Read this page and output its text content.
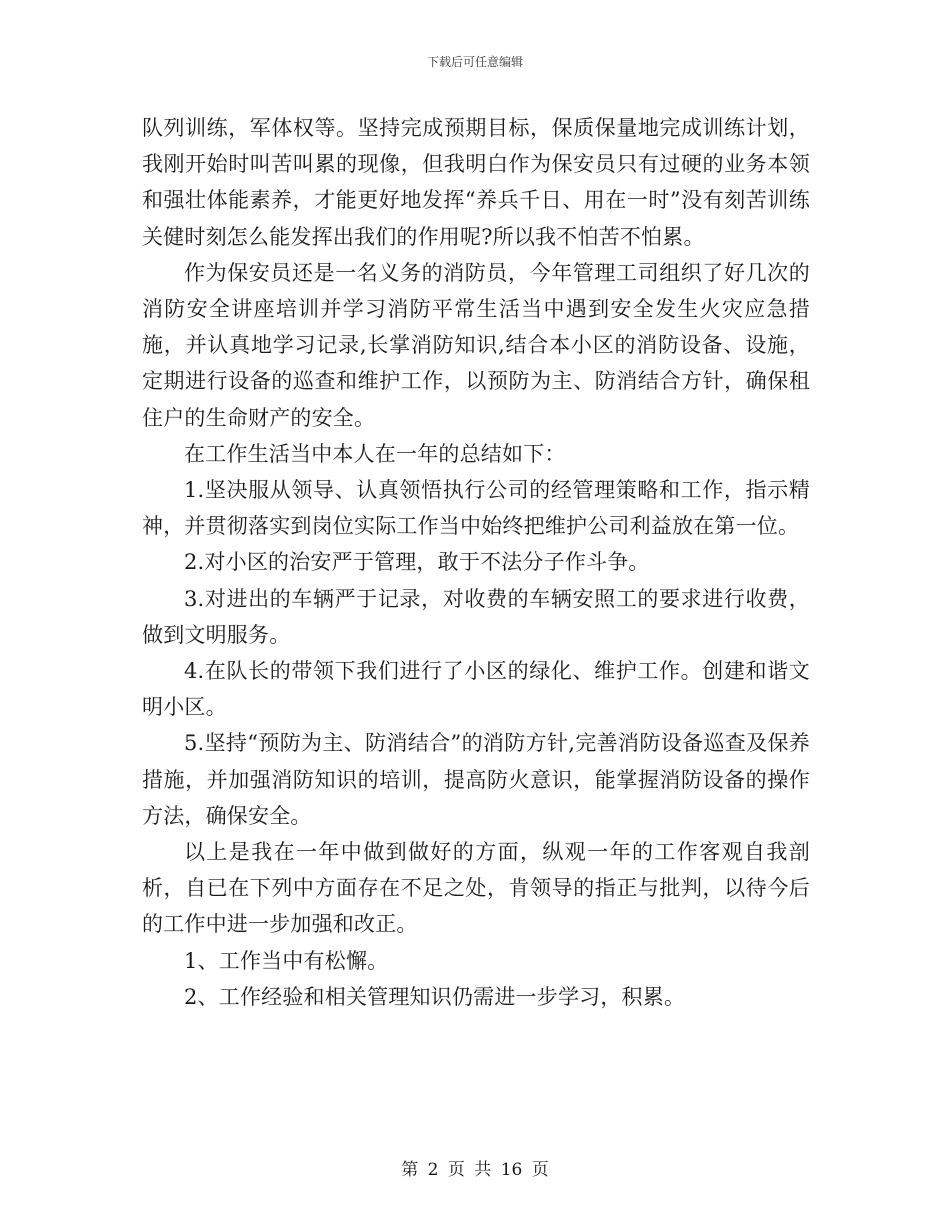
下载后可任意编辑

队列训练，军体权等。坚持完成预期目标，保质保量地完成训练计划，我刚开始时叫苦叫累的现像，但我明白作为保安员只有过硬的业务本领和强壮体能素养，才能更好地发挥“养兵千日、用在一时”没有刻苦训练关健时刻怎么能发挥出我们的作用呢?所以我不怕苦不怕累。

作为保安员还是一名义务的消防员，今年管理工司组织了好几次的消防安全讲座培训并学习消防平常生活当中遇到安全发生火灾应急措施，并认真地学习记录,长掌消防知识,结合本小区的消防设备、设施，定期进行设备的巡查和维护工作，以预防为主、防消结合方针，确保租住户的生命财产的安全。

在工作生活当中本人在一年的总结如下：

1.坚决服从领导、认真领悟执行公司的经管理策略和工作，指示精神，并贯彻落实到岗位实际工作当中始终把维护公司利益放在第一位。

2.对小区的治安严于管理，敢于不法分子作斗争。

3.对进出的车辆严于记录，对收费的车辆安照工的要求进行收费，做到文明服务。

4.在队长的带领下我们进行了小区的绿化、维护工作。创建和谐文明小区。

5.坚持“预防为主、防消结合”的消防方针,完善消防设备巡查及保养措施，并加强消防知识的培训，提高防火意识，能掌握消防设备的操作方法，确保安全。

以上是我在一年中做到做好的方面，纵观一年的工作客观自我剖析，自已在下列中方面存在不足之处，肯领导的指正与批判，以待今后的工作中进一步加强和改正。

1、工作当中有松懈。

2、工作经验和相关管理知识仍需进一步学习，积累。

第 2 页 共 16 页
